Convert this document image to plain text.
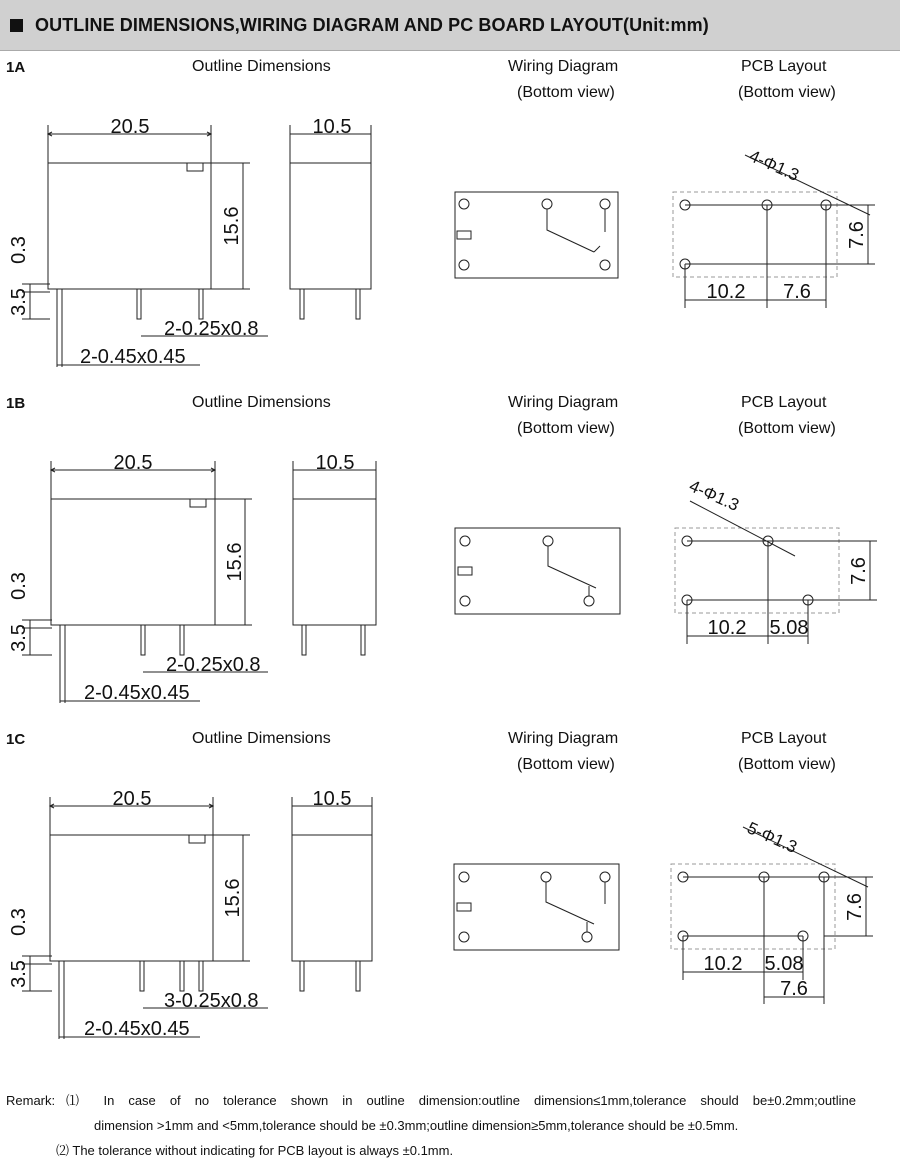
OUTLINE DIMENSIONS,WIRING DIAGRAM AND PC BOARD LAYOUT(Unit:mm)
1A	Outline Dimensions	Wiring Diagram
(Bottom view)
PCB Layout
(Bottom view)
20.5	10.5
15.6
0.3
3.5
2-0.25x0.8
2-0.45x0.45
4-Φ1.3
7.6
10.2 7.6
1B	Outline Dimensions	Wiring Diagram
(Bottom view)
PCB Layout
(Bottom view)
20.5	10.5
15.6
0.3
3.5
2-0.25x0.8
2-0.45x0.45
4-Φ1.3
7.6
10.2 5.08
1C	Outline Dimensions	Wiring Diagram
(Bottom view)
PCB Layout
(Bottom view)
20.5	10.5
15.6
0.3
3.5
3-0.25x0.8
2-0.45x0.45
5-Φ1.3
7.6
10.2 5.08
7.6
Remark: ⑴ In case of no tolerance shown in outline dimension:outline dimension≤1mm,tolerance should be±0.2mm;outline
dimension >1mm and <5mm,tolerance should be ±0.3mm;outline dimension≥5mm,tolerance should be ±0.5mm.
⑵ The tolerance without indicating for PCB layout is always ±0.1mm.
